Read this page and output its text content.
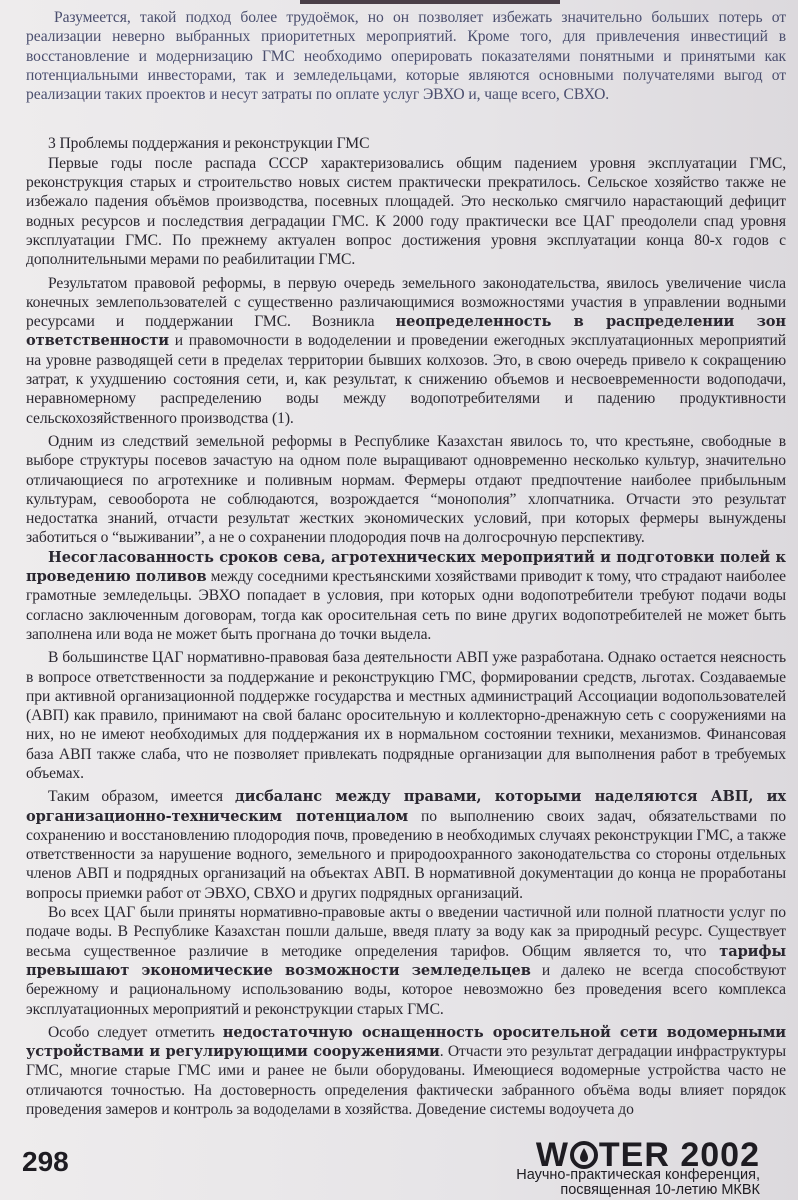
Разумеется, такой подход более трудоёмок, но он позволяет избежать значительно больших потерь от реализации неверно выбранных приоритетных мероприятий. Кроме того, для привлечения инвестиций в восстановление и модернизацию ГМС необходимо оперировать показателями понятными и принятыми как потенциальными инвесторами, так и земледельцами, которые являются основными получателями выгод от реализации таких проектов и несут затраты по оплате услуг ЭВХО и, чаще всего, СВХО.

3 Проблемы поддержания и реконструкции ГМС

Первые годы после распада СССР характеризовались общим падением уровня эксплуатации ГМС, реконструкция старых и строительство новых систем практически прекратилось. Сельское хозяйство также не избежало падения объёмов производства, посевных площадей. Это несколько смягчило нарастающий дефицит водных ресурсов и последствия деградации ГМС. К 2000 году практически все ЦАГ преодолели спад уровня эксплуатации ГМС. По прежнему актуален вопрос достижения уровня эксплуатации конца 80-х годов с дополнительными мерами по реабилитации ГМС.

Результатом правовой реформы, в первую очередь земельного законодательства, явилось увеличение числа конечных землепользователей с существенно различающимися возможностями участия в управлении водными ресурсами и поддержании ГМС. Возникла неопределенность в распределении зон ответственности и правомочности в вододелении и проведении ежегодных эксплуатационных мероприятий на уровне разводящей сети в пределах территории бывших колхозов. Это, в свою очередь привело к сокращению затрат, к ухудшению состояния сети, и, как результат, к снижению объемов и несвоевременности водоподачи, неравномерному распределению воды между водопотребителями и падению продуктивности сельскохозяйственного производства (1).

Одним из следствий земельной реформы в Республике Казахстан явилось то, что крестьяне, свободные в выборе структуры посевов зачастую на одном поле выращивают одновременно несколько культур, значительно отличающиеся по агротехнике и поливным нормам. Фермеры отдают предпочтение наиболее прибыльным культурам, севооборота не соблюдаются, возрождается “монополия” хлопчатника. Отчасти это результат недостатка знаний, отчасти результат жестких экономических условий, при которых фермеры вынуждены заботиться о “выживании”, а не о сохранении плодородия почв на долгосрочную перспективу.

Несогласованность сроков сева, агротехнических мероприятий и подготовки полей к проведению поливов между соседними крестьянскими хозяйствами приводит к тому, что страдают наиболее грамотные земледельцы. ЭВХО попадает в условия, при которых одни водопотребители требуют подачи воды согласно заключенным договорам, тогда как оросительная сеть по вине других водопотребителей не может быть заполнена или вода не может быть прогнана до точки выдела.

В большинстве ЦАГ нормативно-правовая база деятельности АВП уже разработана. Однако остается неясность в вопросе ответственности за поддержание и реконструкцию ГМС, формировании средств, льготах. Создаваемые при активной организационной поддержке государства и местных администраций Ассоциации водопользователей (АВП) как правило, принимают на свой баланс оросительную и коллекторно-дренажную сеть с сооружениями на них, но не имеют необходимых для поддержания их в нормальном состоянии техники, механизмов. Финансовая база АВП также слаба, что не позволяет привлекать подрядные организации для выполнения работ в требуемых объемах.

Таким образом, имеется дисбаланс между правами, которыми наделяются АВП, их организационно-техническим потенциалом по выполнению своих задач, обязательствами по сохранению и восстановлению плодородия почв, проведению в необходимых случаях реконструкции ГМС, а также ответственности за нарушение водного, земельного и природоохранного законодательства со стороны отдельных членов АВП и подрядных организаций на объектах АВП. В нормативной документации до конца не проработаны вопросы приемки работ от ЭВХО, СВХО и других подрядных организаций.

Во всех ЦАГ были приняты нормативно-правовые акты о введении частичной или полной платности услуг по подаче воды. В Республике Казахстан пошли дальше, введя плату за воду как за природный ресурс. Существует весьма существенное различие в методике определения тарифов. Общим является то, что тарифы превышают экономические возможности земледельцев и далеко не всегда способствуют бережному и рациональному использованию воды, которое невозможно без проведения всего комплекса эксплуатационных мероприятий и реконструкции старых ГМС.

Особо следует отметить недостаточную оснащенность оросительной сети водомерными устройствами и регулирующими сооружениями. Отчасти это результат деградации инфраструктуры ГМС, многие старые ГМС ими и ранее не были оборудованы. Имеющиеся водомерные устройства часто не отличаются точностью. На достоверность определения фактически забранного объёма воды влияет порядок проведения замеров и контроль за вододелами в хозяйства. Доведение системы водоучета до

298	W TER 2002
Научно-практическая конференция,
посвященная 10-летию МКВК
